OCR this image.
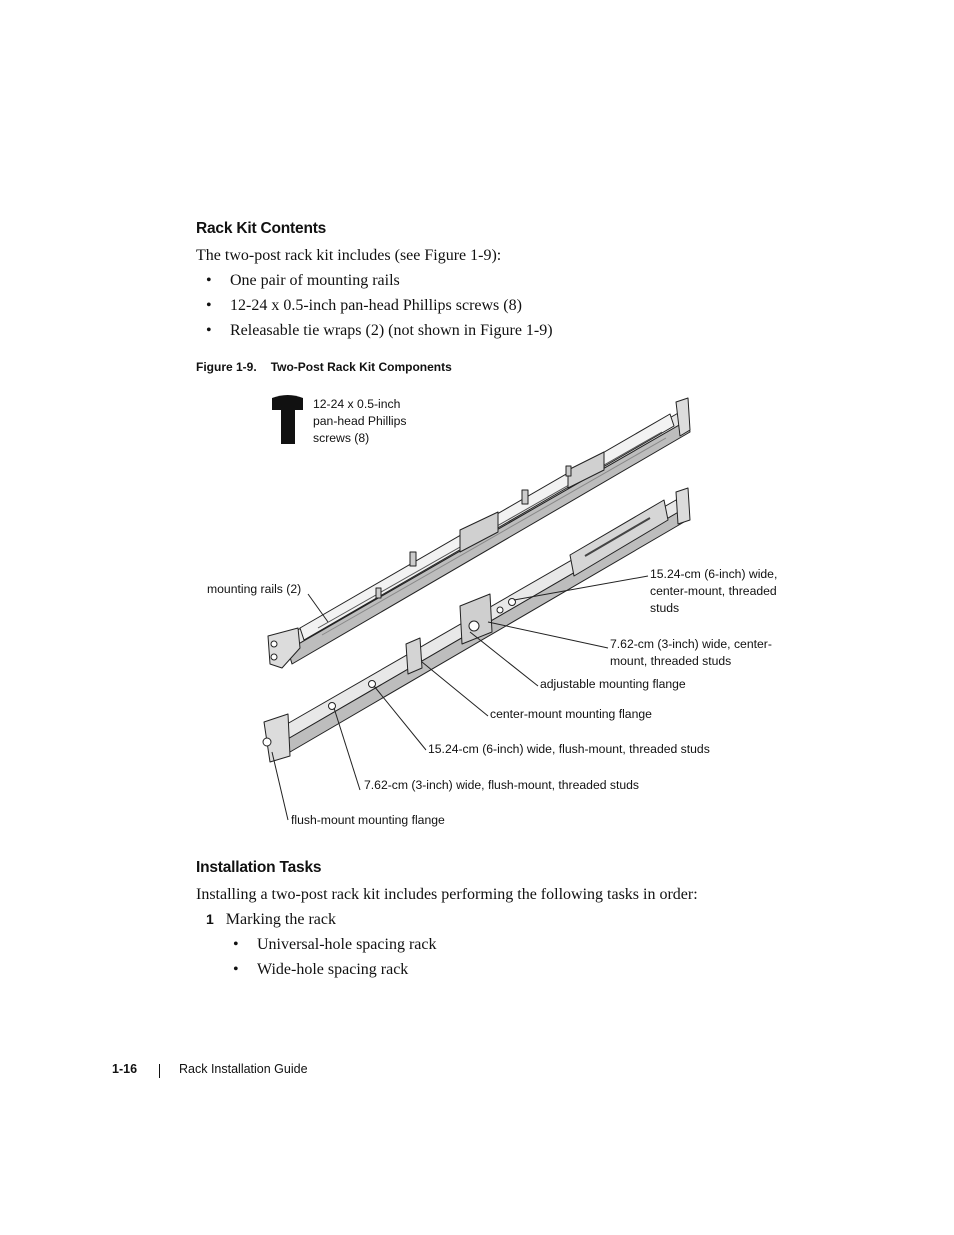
Rack Kit Contents

The two-post rack kit includes (see Figure 1-9):

• One pair of mounting rails

• 12-24 x 0.5-inch pan-head Phillips screws (8)

• Releasable tie wraps (2) (not shown in Figure 1-9)

Figure 1-9. Two-Post Rack Kit Components
12-24 x 0.5-inch
pan-head Phillips
screws (8)
mounting rails (2)
15.24-cm (6-inch) wide,
center-mount, threaded
studs
7.62-cm (3-inch) wide, center-
mount, threaded studs
adjustable mounting flange
center-mount mounting flange
15.24-cm (6-inch) wide, flush-mount, threaded studs
7.62-cm (3-inch) wide, flush-mount, threaded studs
flush-mount mounting flange
Installation Tasks

Installing a two-post rack kit includes performing the following tasks in order:

1 Marking the rack

• Universal-hole spacing rack

• Wide-hole spacing rack

1-16	Rack Installation Guide
